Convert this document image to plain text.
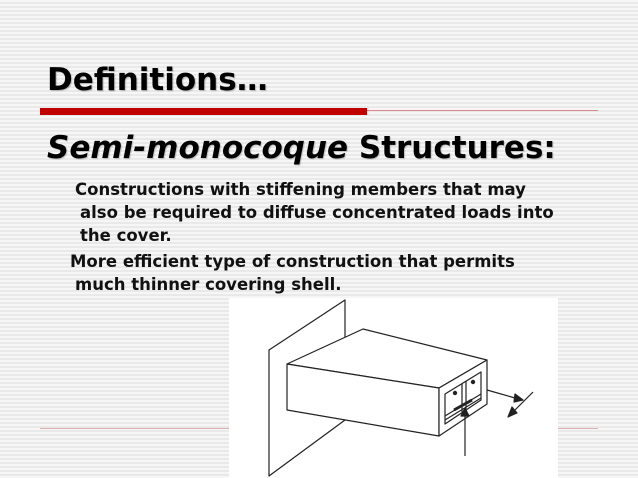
Definitions…
Semi-monocoque Structures:
Constructions with stiffening members that may
also be required to diffuse concentrated loads into
the cover.
More efficient type of construction that permits
much thinner covering shell.
